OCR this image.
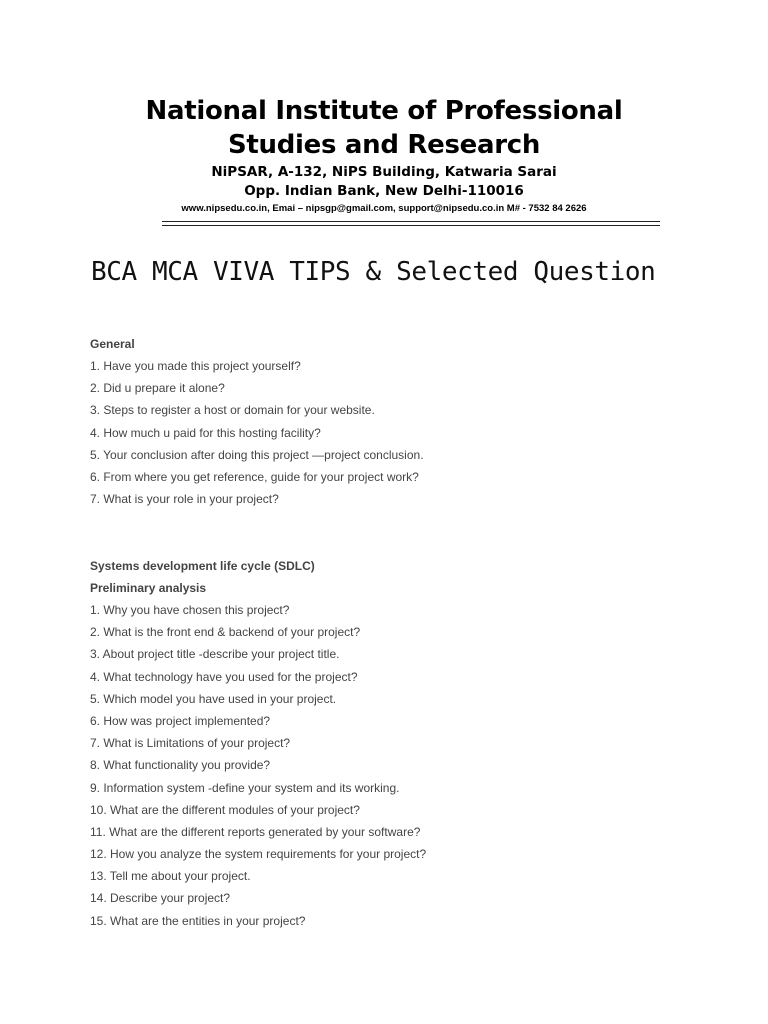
National Institute of Professional
Studies and Research
NiPSAR, A-132, NiPS Building, Katwaria Sarai
Opp. Indian Bank, New Delhi-110016
www.nipsedu.co.in, Emai – nipsgp@gmail.com, support@nipsedu.co.in M# - 7532 84 2626
BCA MCA VIVA TIPS & Selected Question
General
1. Have you made this project yourself?
2. Did u prepare it alone?
3. Steps to register a host or domain for your website.
4. How much u paid for this hosting facility?
5. Your conclusion after doing this project —project conclusion.
6. From where you get reference, guide for your project work?
7. What is your role in your project?
Systems development life cycle (SDLC)
Preliminary analysis
1. Why you have chosen this project?
2. What is the front end & backend of your project?
3. About project title -describe your project title.
4. What technology have you used for the project?
5. Which model you have used in your project.
6. How was project implemented?
7. What is Limitations of your project?
8. What functionality you provide?
9. Information system -define your system and its working.
10. What are the different modules of your project?
11. What are the different reports generated by your software?
12. How you analyze the system requirements for your project?
13. Tell me about your project.
14. Describe your project?
15. What are the entities in your project?
